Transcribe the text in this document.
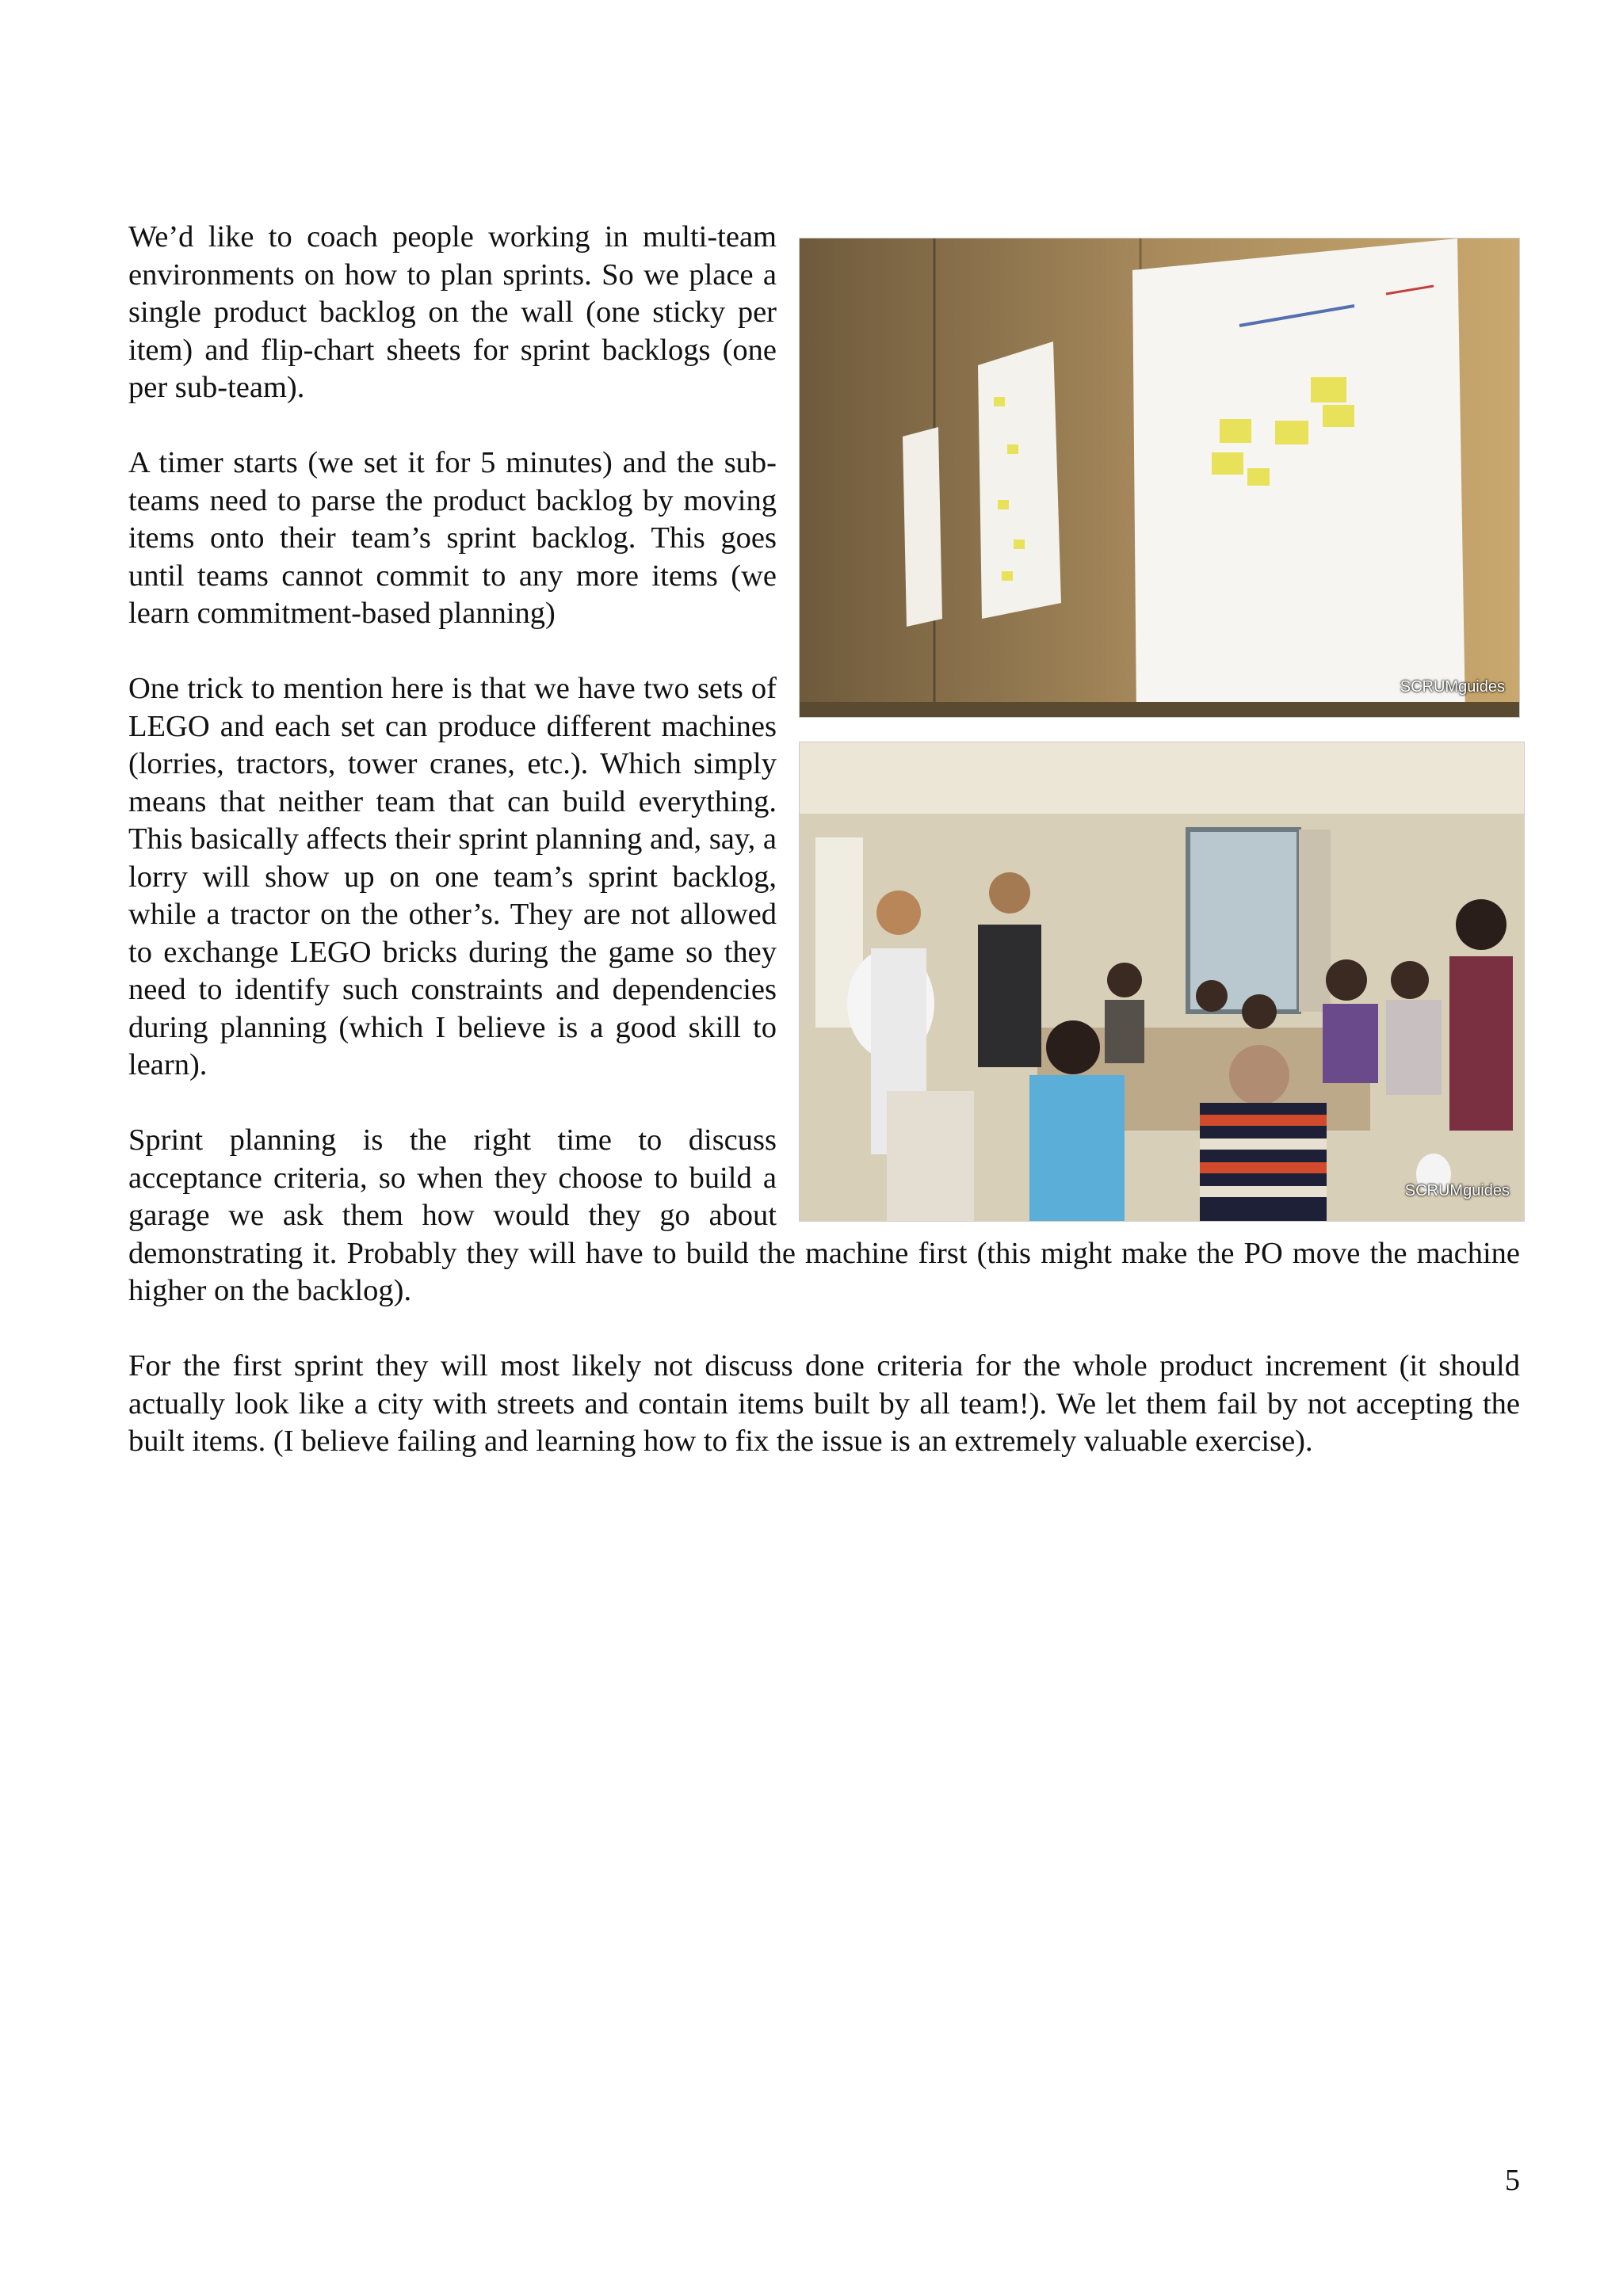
SCRUMguides

We’d like to coach people working in multi-team environments on how to plan sprints. So we place a single product backlog on the wall (one sticky per item) and flip-chart sheets for sprint backlogs (one per sub-team).

A timer starts (we set it for 5 minutes) and the sub-teams need to parse the product backlog by moving items onto their team’s sprint backlog. This goes until teams cannot commit to any more items (we learn commitment-based planning)

SCRUMguides

One trick to mention here is that we have two sets of LEGO and each set can produce different machines (lorries, tractors, tower cranes, etc.). Which simply means that neither team that can build everything. This basically affects their sprint planning and, say, a lorry will show up on one team’s sprint backlog, while a tractor on the other’s. They are not allowed to exchange LEGO bricks during the game so they need to identify such constraints and dependencies during planning (which I believe is a good skill to learn).

Sprint planning is the right time to discuss acceptance criteria, so when they choose to build a garage we ask them how would they go about demonstrating it. Probably they will have to build the machine first (this might make the PO move the machine higher on the backlog).

For the first sprint they will most likely not discuss done criteria for the whole product increment (it should actually look like a city with streets and contain items built by all team!). We let them fail by not accepting the built items. (I believe failing and learning how to fix the issue is an extremely valuable exercise).

5
